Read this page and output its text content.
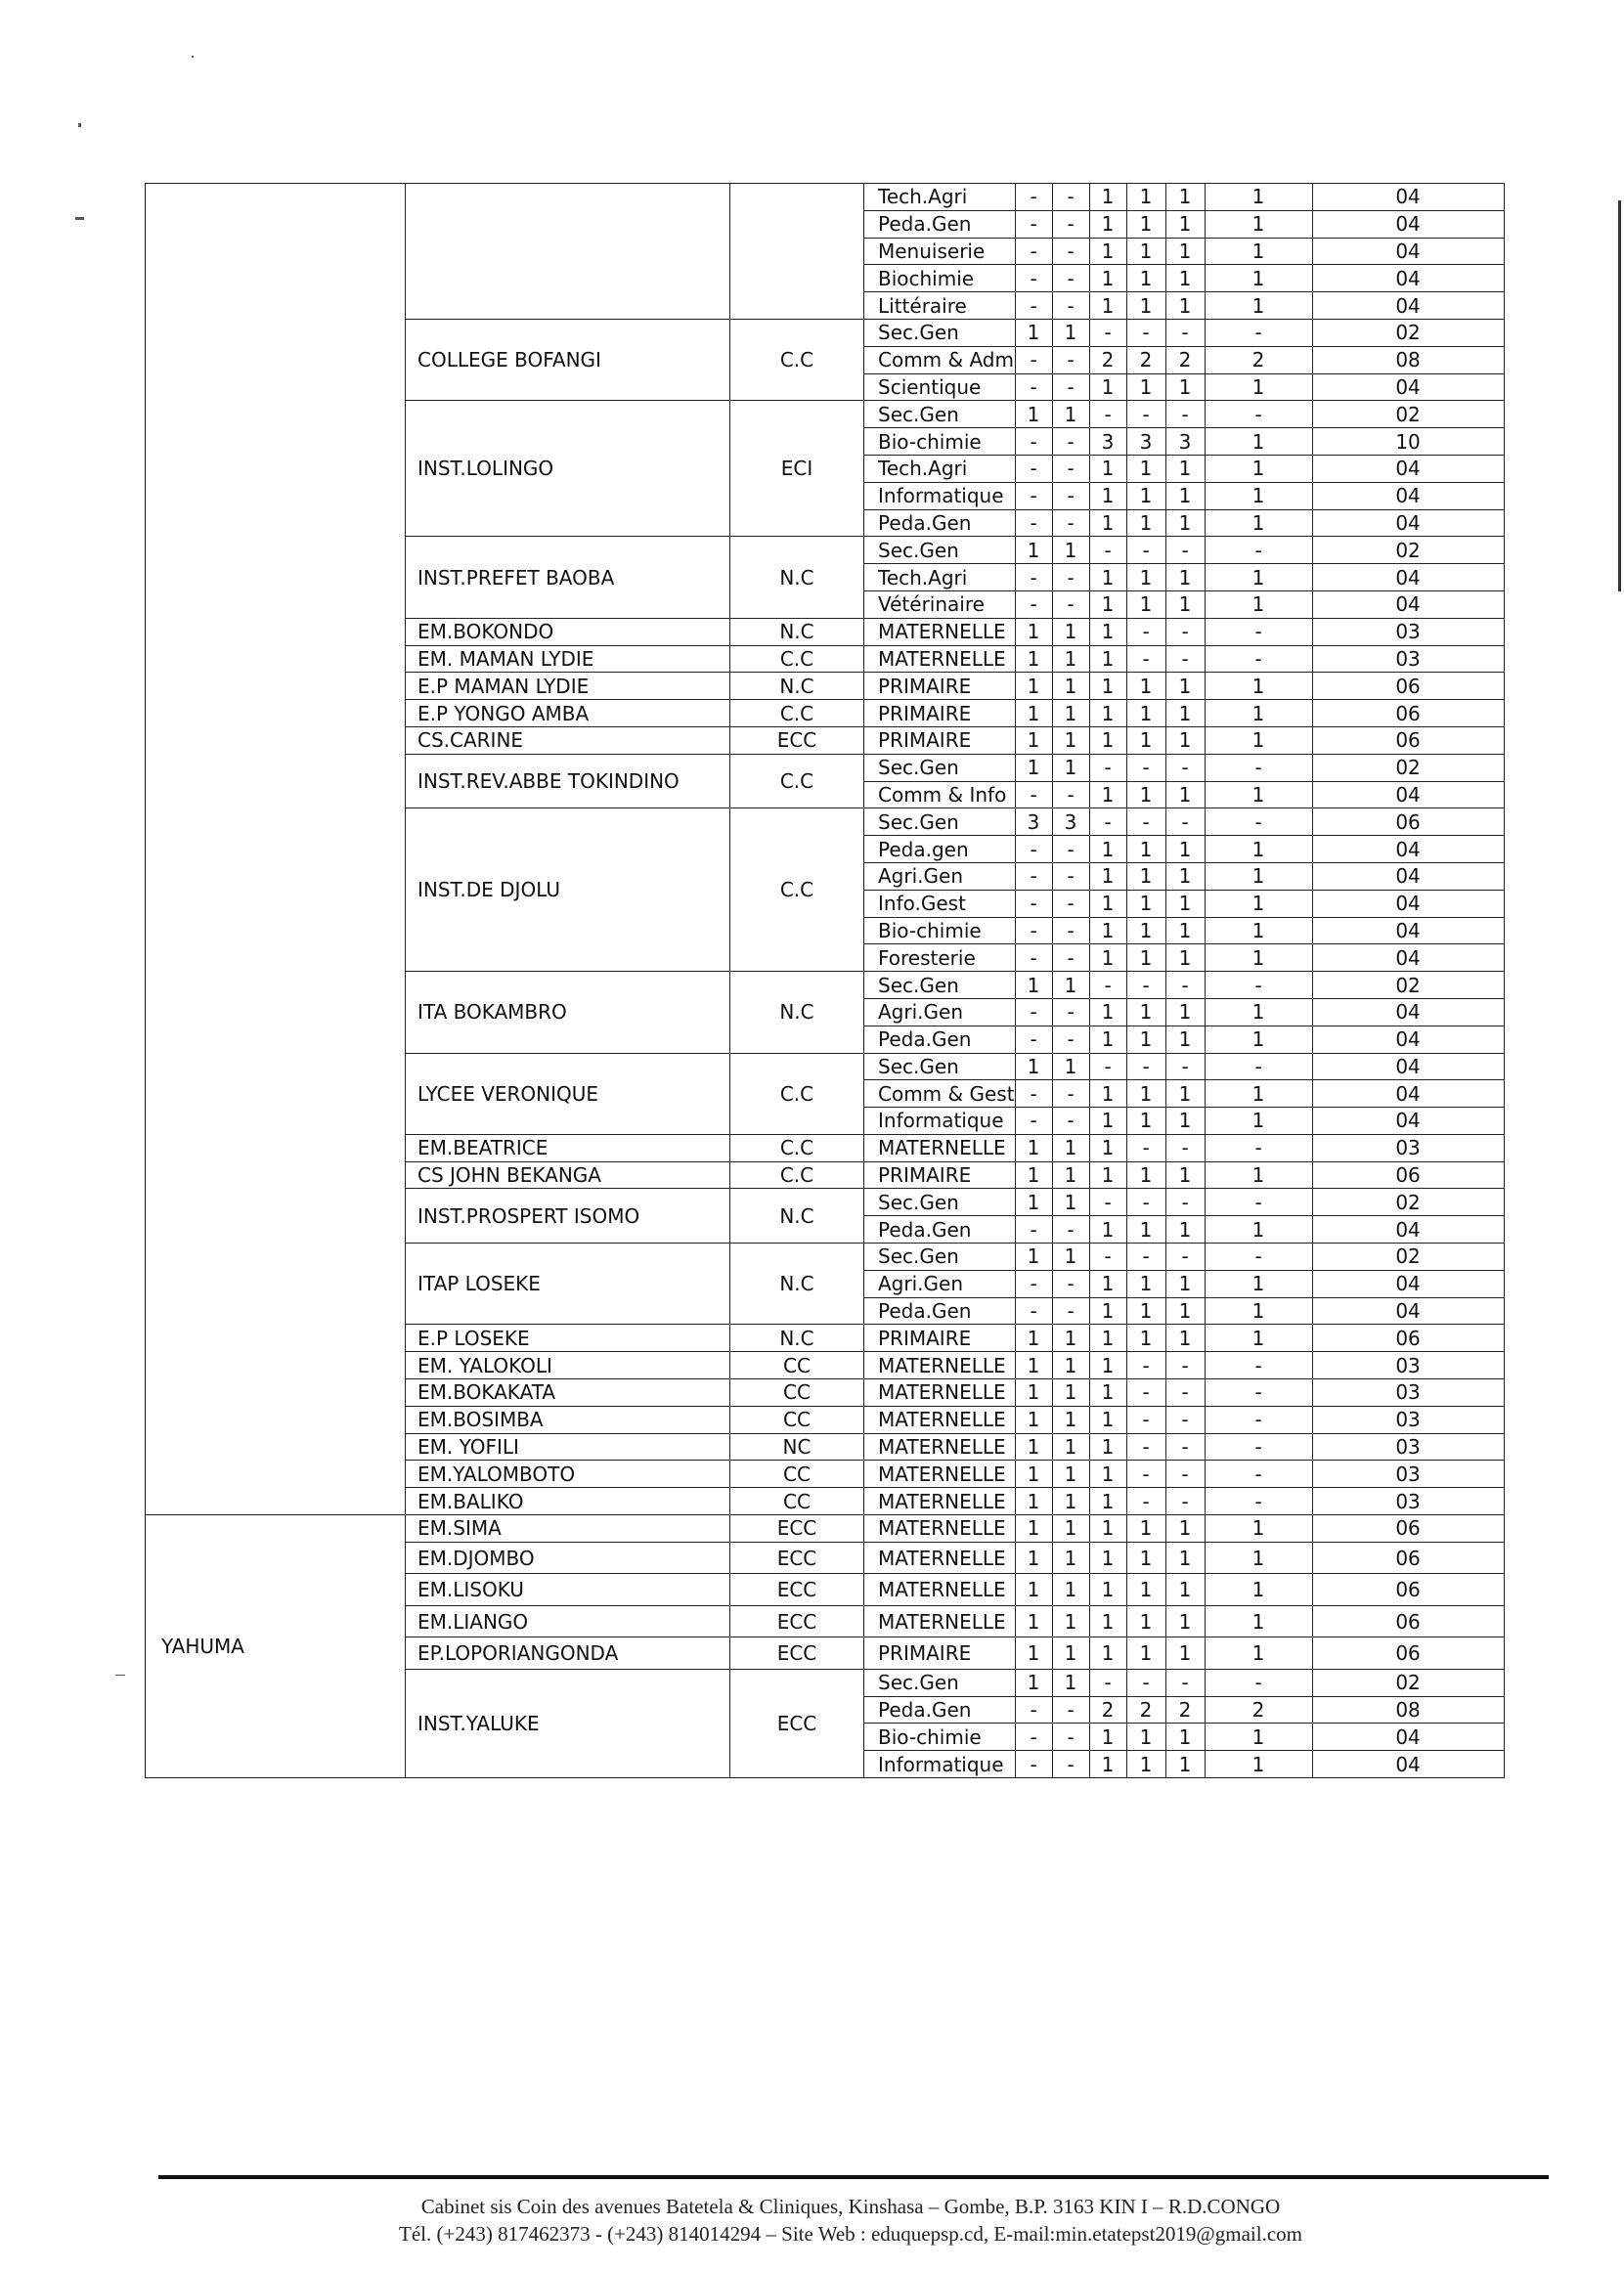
			Tech.Agri	-	-	1	1	1	1	04
			Peda.Gen	-	-	1	1	1	1	04
			Menuiserie	-	-	1	1	1	1	04
			Biochimie	-	-	1	1	1	1	04
			Littéraire	-	-	1	1	1	1	04
	COLLEGE BOFANGI	C.C	Sec.Gen	1	1	-	-	-	-	02
			Comm & Adm	-	-	2	2	2	2	08
			Scientique	-	-	1	1	1	1	04
	INST.LOLINGO	ECI	Sec.Gen	1	1	-	-	-	-	02
			Bio-chimie	-	-	3	3	3	1	10
			Tech.Agri	-	-	1	1	1	1	04
			Informatique	-	-	1	1	1	1	04
			Peda.Gen	-	-	1	1	1	1	04
	INST.PREFET BAOBA	N.C	Sec.Gen	1	1	-	-	-	-	02
			Tech.Agri	-	-	1	1	1	1	04
			Vétérinaire	-	-	1	1	1	1	04
	EM.BOKONDO	N.C	MATERNELLE	1	1	1	-	-	-	03
	EM. MAMAN LYDIE	C.C	MATERNELLE	1	1	1	-	-	-	03
	E.P MAMAN LYDIE	N.C	PRIMAIRE	1	1	1	1	1	1	06
	E.P YONGO AMBA	C.C	PRIMAIRE	1	1	1	1	1	1	06
	CS.CARINE	ECC	PRIMAIRE	1	1	1	1	1	1	06
	INST.REV.ABBE TOKINDINO	C.C	Sec.Gen	1	1	-	-	-	-	02
			Comm & Info	-	-	1	1	1	1	04
	INST.DE DJOLU	C.C	Sec.Gen	3	3	-	-	-	-	06
			Peda.gen	-	-	1	1	1	1	04
			Agri.Gen	-	-	1	1	1	1	04
			Info.Gest	-	-	1	1	1	1	04
			Bio-chimie	-	-	1	1	1	1	04
			Foresterie	-	-	1	1	1	1	04
	ITA BOKAMBRO	N.C	Sec.Gen	1	1	-	-	-	-	02
			Agri.Gen	-	-	1	1	1	1	04
			Peda.Gen	-	-	1	1	1	1	04
	LYCEE VERONIQUE	C.C	Sec.Gen	1	1	-	-	-	-	04
			Comm & Gest	-	-	1	1	1	1	04
			Informatique	-	-	1	1	1	1	04
	EM.BEATRICE	C.C	MATERNELLE	1	1	1	-	-	-	03
	CS JOHN BEKANGA	C.C	PRIMAIRE	1	1	1	1	1	1	06
	INST.PROSPERT ISOMO	N.C	Sec.Gen	1	1	-	-	-	-	02
			Peda.Gen	-	-	1	1	1	1	04
	ITAP LOSEKE	N.C	Sec.Gen	1	1	-	-	-	-	02
			Agri.Gen	-	-	1	1	1	1	04
			Peda.Gen	-	-	1	1	1	1	04
	E.P LOSEKE	N.C	PRIMAIRE	1	1	1	1	1	1	06
	EM. YALOKOLI	CC	MATERNELLE	1	1	1	-	-	-	03
	EM.BOKAKATA	CC	MATERNELLE	1	1	1	-	-	-	03
	EM.BOSIMBA	CC	MATERNELLE	1	1	1	-	-	-	03
	EM. YOFILI	NC	MATERNELLE	1	1	1	-	-	-	03
	EM.YALOMBOTO	CC	MATERNELLE	1	1	1	-	-	-	03
	EM.BALIKO	CC	MATERNELLE	1	1	1	-	-	-	03
YAHUMA	EM.SIMA	ECC	MATERNELLE	1	1	1	1	1	1	06
	EM.DJOMBO	ECC	MATERNELLE	1	1	1	1	1	1	06
	EM.LISOKU	ECC	MATERNELLE	1	1	1	1	1	1	06
	EM.LIANGO	ECC	MATERNELLE	1	1	1	1	1	1	06
	EP.LOPORIANGONDA	ECC	PRIMAIRE	1	1	1	1	1	1	06
	INST.YALUKE	ECC	Sec.Gen	1	1	-	-	-	-	02
			Peda.Gen	-	-	2	2	2	2	08
			Bio-chimie	-	-	1	1	1	1	04
			Informatique	-	-	1	1	1	1	04
Cabinet sis Coin des avenues Batetela & Cliniques, Kinshasa – Gombe, B.P. 3163 KIN I – R.D.CONGO
Tél. (+243) 817462373 - (+243) 814014294 – Site Web : eduquepsp.cd, E-mail:min.etatepst2019@gmail.com
